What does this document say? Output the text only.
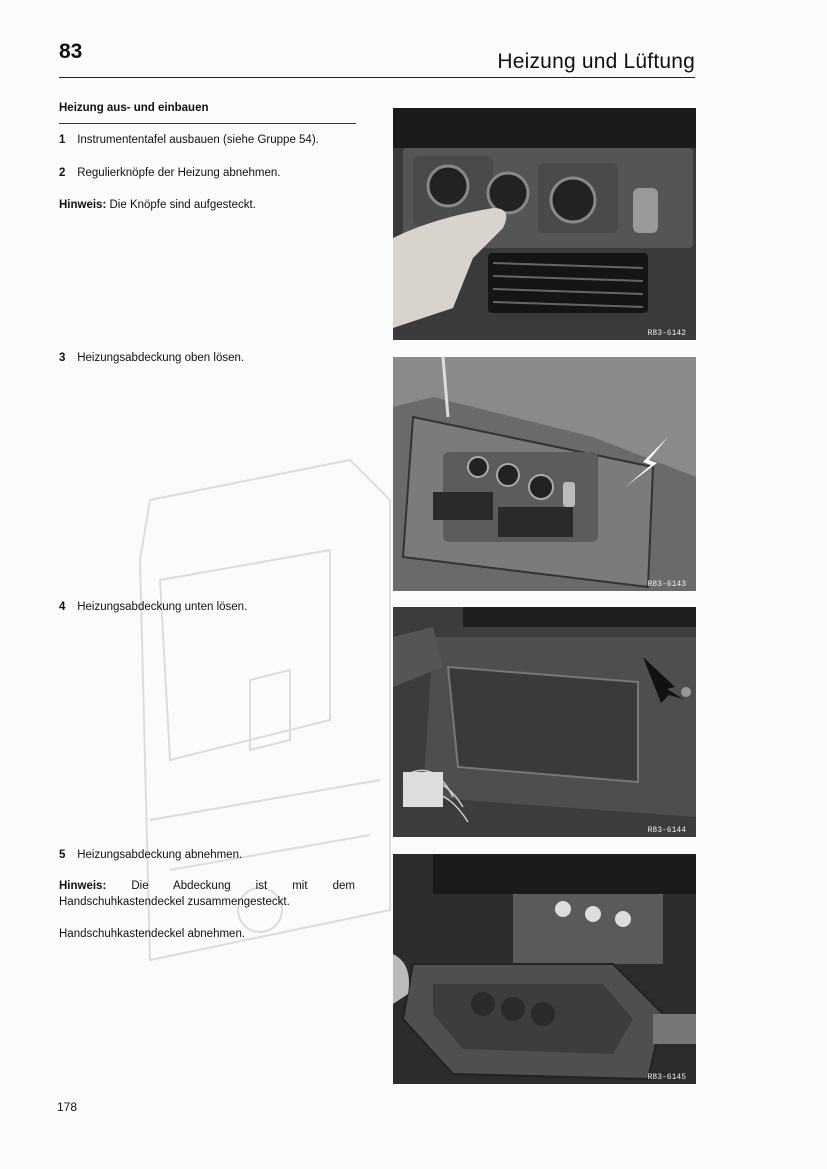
83	Heizung und Lüftung
Heizung aus- und einbauen
1 Instrumententafel ausbauen (siehe Gruppe 54).
2 Regulierknöpfe der Heizung abnehmen.
Hinweis: Die Knöpfe sind aufgesteckt.
3 Heizungsabdeckung oben lösen.
4 Heizungsabdeckung unten lösen.
5 Heizungsabdeckung abnehmen.
Hinweis: Die Abdeckung ist mit dem Handschuhkastendeckel zusammengesteckt.
Handschuhkastendeckel abnehmen.
R83-6142
R83-6143
R83-6144
R83-6145
178
